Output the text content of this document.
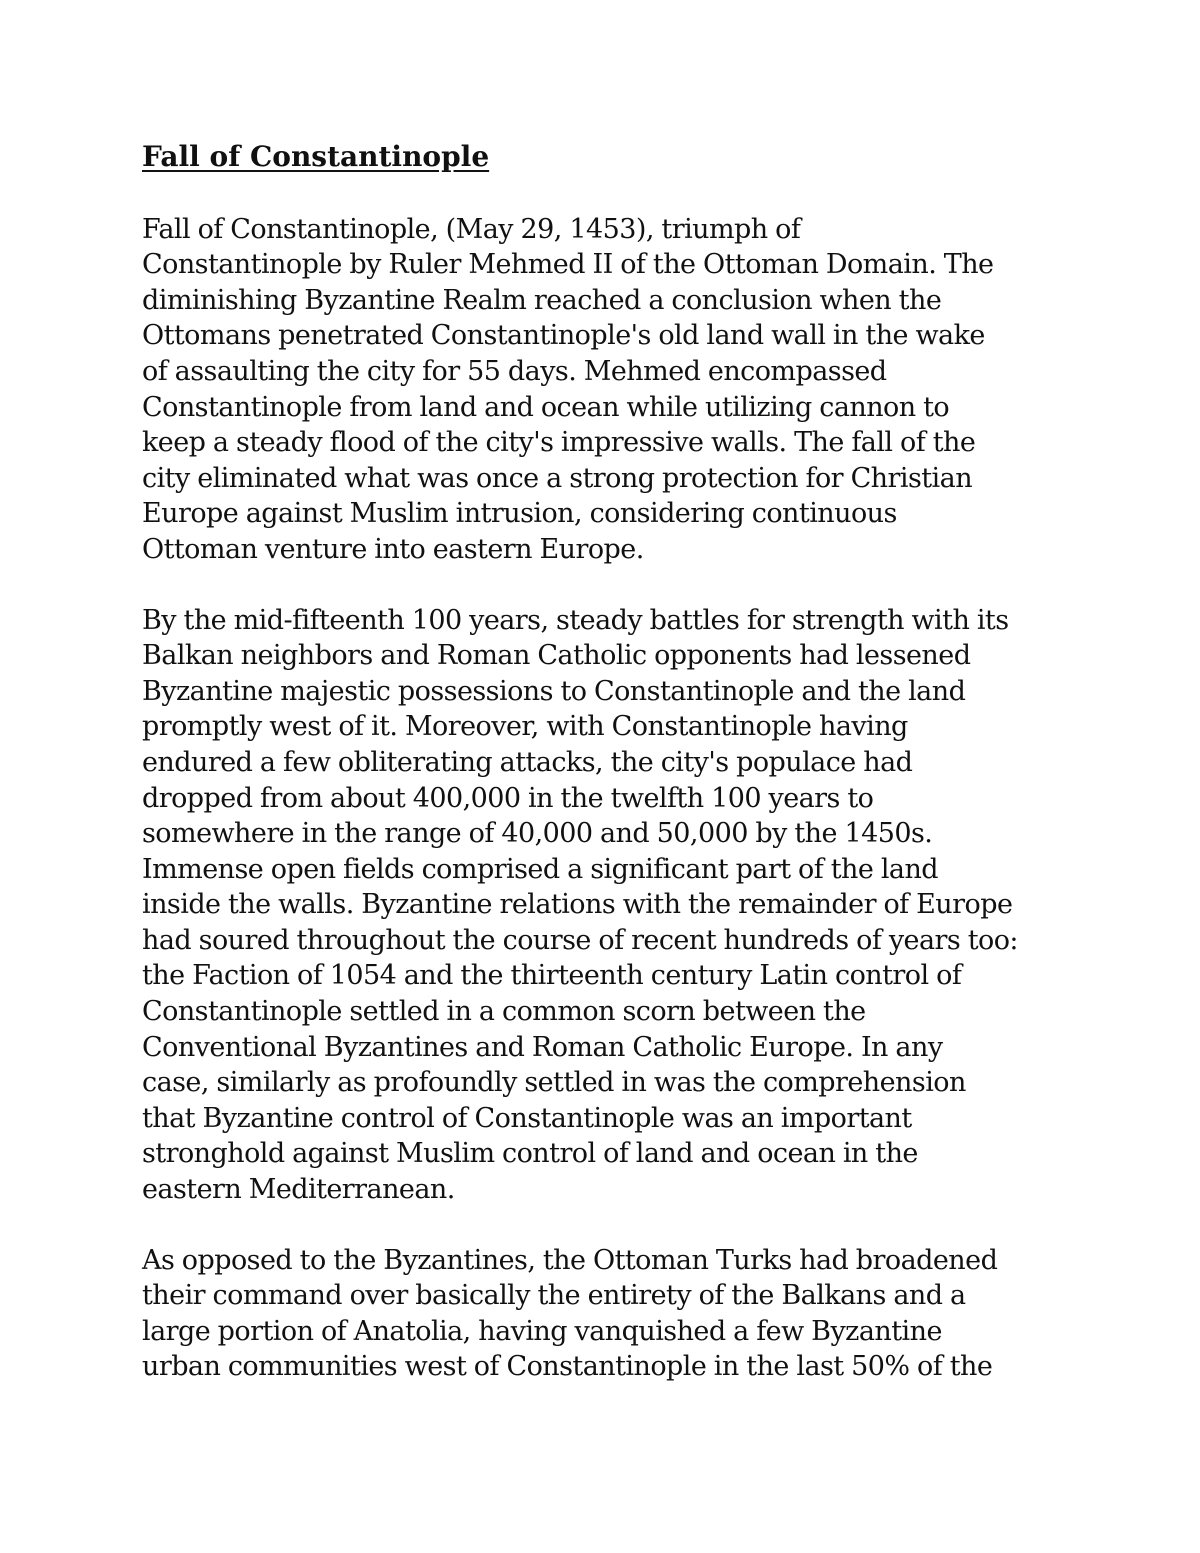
Fall of Constantinople

Fall of Constantinople, (May 29, 1453), triumph of
Constantinople by Ruler Mehmed II of the Ottoman Domain. The
diminishing Byzantine Realm reached a conclusion when the
Ottomans penetrated Constantinople's old land wall in the wake
of assaulting the city for 55 days. Mehmed encompassed
Constantinople from land and ocean while utilizing cannon to
keep a steady flood of the city's impressive walls. The fall of the
city eliminated what was once a strong protection for Christian
Europe against Muslim intrusion, considering continuous
Ottoman venture into eastern Europe.

By the mid-fifteenth 100 years, steady battles for strength with its
Balkan neighbors and Roman Catholic opponents had lessened
Byzantine majestic possessions to Constantinople and the land
promptly west of it. Moreover, with Constantinople having
endured a few obliterating attacks, the city's populace had
dropped from about 400,000 in the twelfth 100 years to
somewhere in the range of 40,000 and 50,000 by the 1450s.
Immense open fields comprised a significant part of the land
inside the walls. Byzantine relations with the remainder of Europe
had soured throughout the course of recent hundreds of years too:
the Faction of 1054 and the thirteenth century Latin control of
Constantinople settled in a common scorn between the
Conventional Byzantines and Roman Catholic Europe. In any
case, similarly as profoundly settled in was the comprehension
that Byzantine control of Constantinople was an important
stronghold against Muslim control of land and ocean in the
eastern Mediterranean.

As opposed to the Byzantines, the Ottoman Turks had broadened
their command over basically the entirety of the Balkans and a
large portion of Anatolia, having vanquished a few Byzantine
urban communities west of Constantinople in the last 50% of the
